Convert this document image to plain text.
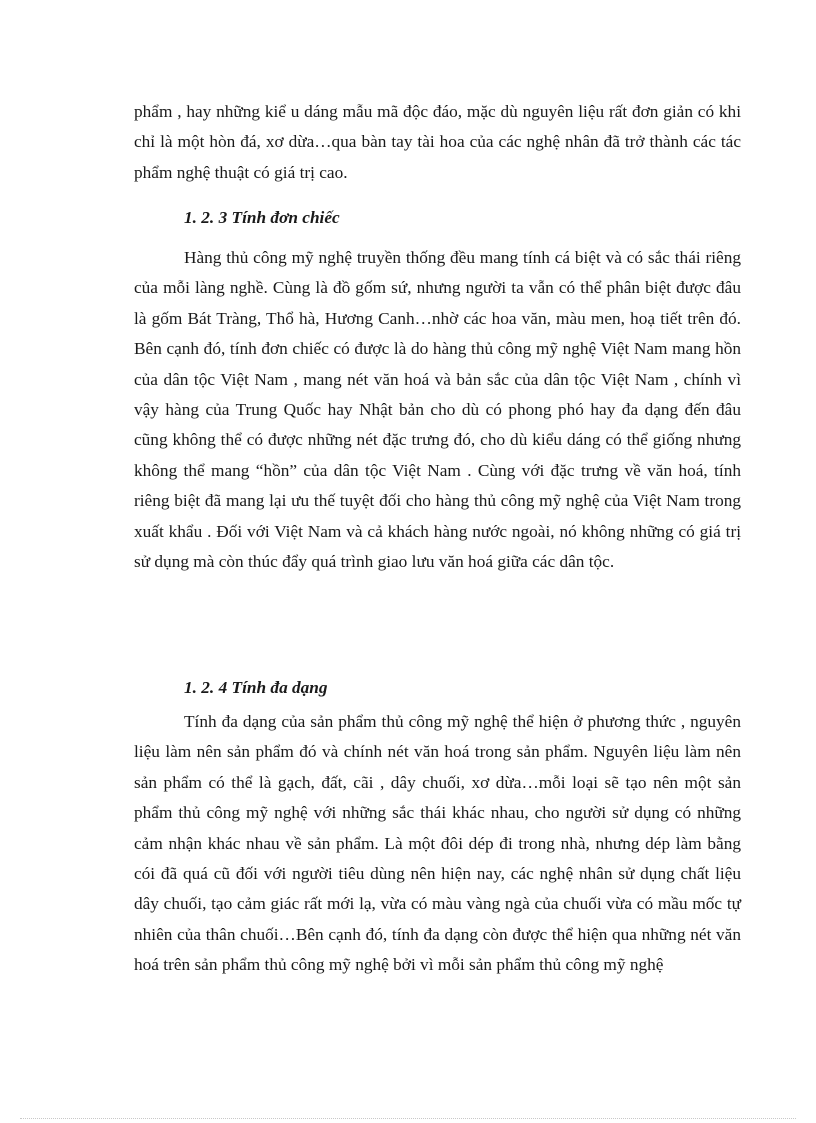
phẩm , hay những kiể u dáng mẫu mã độc đáo, mặc dù nguyên liệu rất đơn giản có khi chỉ là một hòn đá, xơ dừa…qua bàn tay tài hoa của các nghệ nhân đã trở thành các tác phẩm nghệ thuật có giá trị cao.

1. 2. 3 Tính đơn chiếc

Hàng thủ công mỹ nghệ truyền thống đều mang tính cá biệt và có sắc thái riêng của mỗi làng nghề. Cùng là đồ gốm sứ, nhưng người ta vẫn có thể phân biệt được đâu là gốm Bát Tràng, Thổ hà, Hương Canh…nhờ các hoa văn, màu men, hoạ tiết trên đó. Bên cạnh đó, tính đơn chiếc có được là do hàng thủ công mỹ nghệ Việt Nam mang hồn của dân tộc Việt Nam , mang nét văn hoá và bản sắc của dân tộc Việt Nam , chính vì vậy hàng của Trung Quốc hay Nhật bản cho dù có phong phó hay đa dạng đến đâu cũng không thể có được những nét đặc trưng đó, cho dù kiểu dáng có thể giống nhưng không thể mang “hồn” của dân tộc Việt Nam . Cùng với đặc trưng về văn hoá, tính riêng biệt đã mang lại ưu thế tuyệt đối cho hàng thủ công mỹ nghệ của Việt Nam trong xuất khẩu . Đối với Việt Nam và cả khách hàng nước ngoài, nó không những có giá trị sử dụng mà còn thúc đẩy quá trình giao lưu văn hoá giữa các dân tộc.

1. 2. 4 Tính đa dạng

Tính đa dạng của sản phẩm thủ công mỹ nghệ thể hiện ở phương thức , nguyên liệu làm nên sản phẩm đó và chính nét văn hoá trong sản phẩm. Nguyên liệu làm nên sản phẩm có thể là gạch, đất, cãi , dây chuối, xơ dừa…mỗi loại sẽ tạo nên một sản phẩm thủ công mỹ nghệ với những sắc thái khác nhau, cho người sử dụng có những cảm nhận khác nhau về sản phẩm. Là một đôi dép đi trong nhà, nhưng dép làm bằng cói đã quá cũ đối với người tiêu dùng nên hiện nay, các nghệ nhân sử dụng chất liệu dây chuối, tạo cảm giác rất mới lạ, vừa có màu vàng ngà của chuối vừa có mầu mốc tự nhiên của thân chuối…Bên cạnh đó, tính đa dạng còn được thể hiện qua những nét văn hoá trên sản phẩm thủ công mỹ nghệ bởi vì mỗi sản phẩm thủ công mỹ nghệ
